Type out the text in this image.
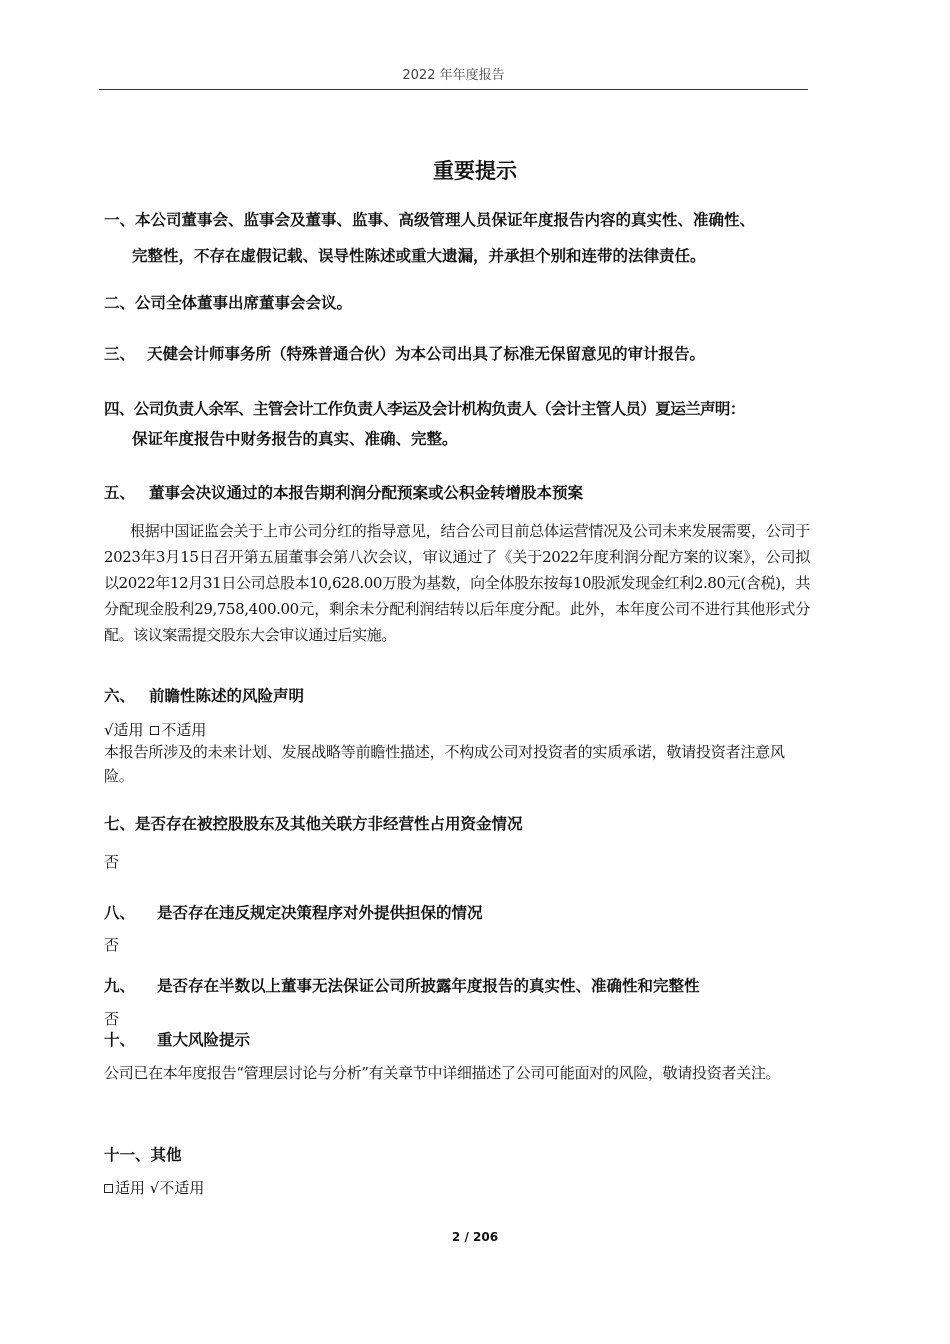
2022 年年度报告
重要提示
一、本公司董事会、监事会及董事、监事、高级管理人员保证年度报告内容的真实性、准确性、
完整性，不存在虚假记载、误导性陈述或重大遗漏，并承担个别和连带的法律责任。
二、公司全体董事出席董事会会议。
三、 天健会计师事务所（特殊普通合伙）为本公司出具了标准无保留意见的审计报告。
四、公司负责人余军、主管会计工作负责人李运及会计机构负责人（会计主管人员）夏运兰声明：
保证年度报告中财务报告的真实、准确、完整。
五、 董事会决议通过的本报告期利润分配预案或公积金转增股本预案
根据中国证监会关于上市公司分红的指导意见，结合公司目前总体运营情况及公司未来发展需要，公司于2023年3月15日召开第五届董事会第八次会议，审议通过了《关于2022年度利润分配方案的议案》，公司拟以2022年12月31日公司总股本10,628.00万股为基数，向全体股东按每10股派发现金红利2.80元(含税)，共分配现金股利29,758,400.00元，剩余未分配利润结转以后年度分配。此外，本年度公司不进行其他形式分配。该议案需提交股东大会审议通过后实施。
六、 前瞻性陈述的风险声明
√适用 不适用
本报告所涉及的未来计划、发展战略等前瞻性描述，不构成公司对投资者的实质承诺，敬请投资者注意风险。
七、是否存在被控股股东及其他关联方非经营性占用资金情况
否
八、 是否存在违反规定决策程序对外提供担保的情况
否
九、 是否存在半数以上董事无法保证公司所披露年度报告的真实性、准确性和完整性
否
十、 重大风险提示
公司已在本年度报告“管理层讨论与分析”有关章节中详细描述了公司可能面对的风险，敬请投资者关注。
十一、其他
适用 √不适用
2 / 206
